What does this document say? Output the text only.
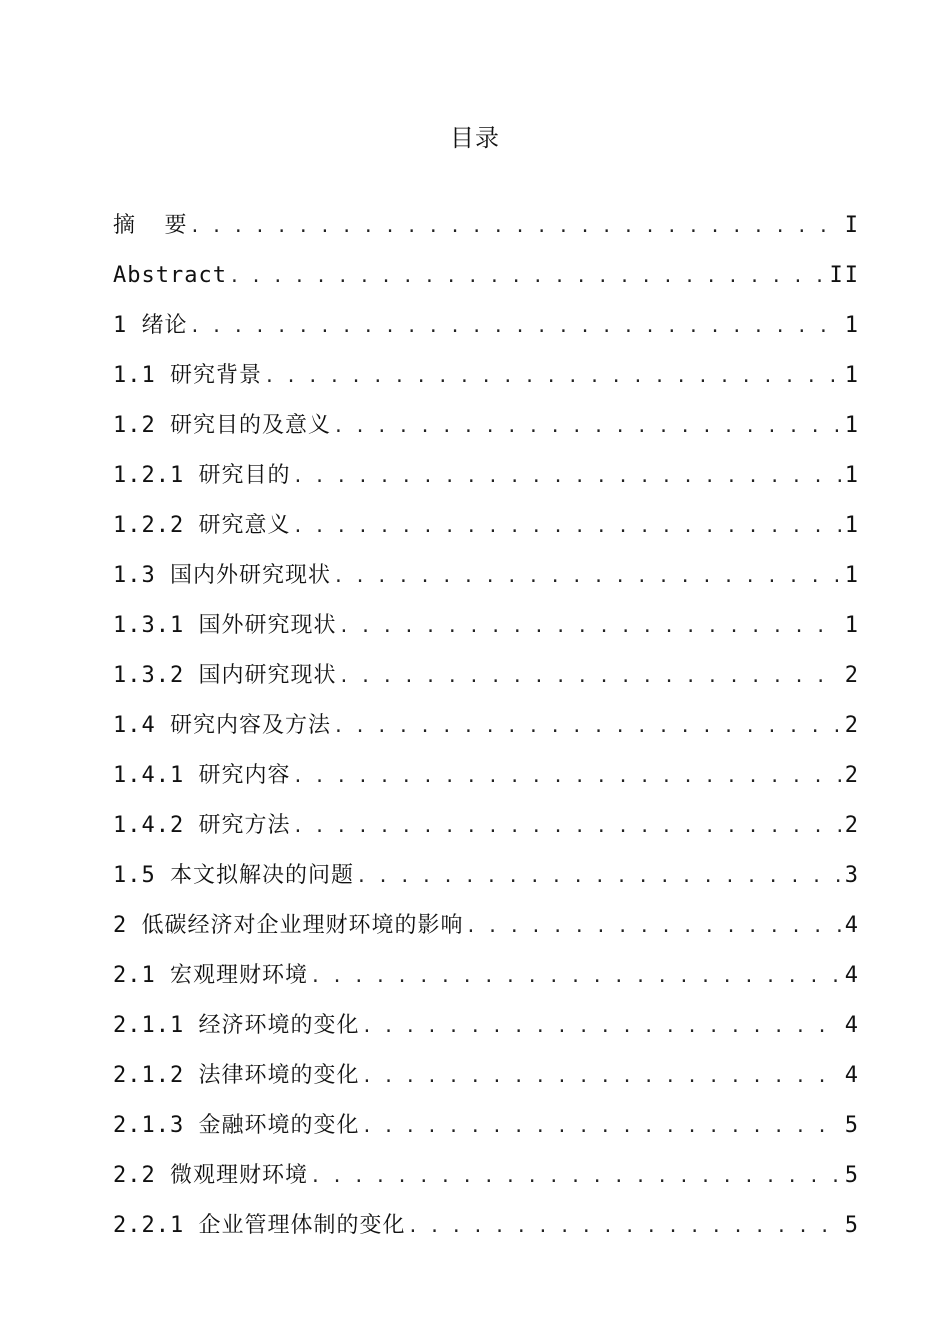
目录
摘  要 . . .	I
Abstract . . .	II
1 绪论 . . .	1
1.1 研究背景 . . .	1
1.2 研究目的及意义 . . .	1
1.2.1 研究目的 . . .	1
1.2.2 研究意义 . . .	1
1.3 国内外研究现状 . . .	1
1.3.1 国外研究现状 . . .	1
1.3.2 国内研究现状 . . .	2
1.4 研究内容及方法 . . .	2
1.4.1 研究内容 . . .	2
1.4.2 研究方法 . . .	2
1.5 本文拟解决的问题 . . .	3
2 低碳经济对企业理财环境的影响 . . .	4
2.1 宏观理财环境 . . .	4
2.1.1 经济环境的变化 . . .	4
2.1.2 法律环境的变化 . . .	4
2.1.3 金融环境的变化 . . .	5
2.2 微观理财环境 . . .	5
2.2.1 企业管理体制的变化 . . .	5
